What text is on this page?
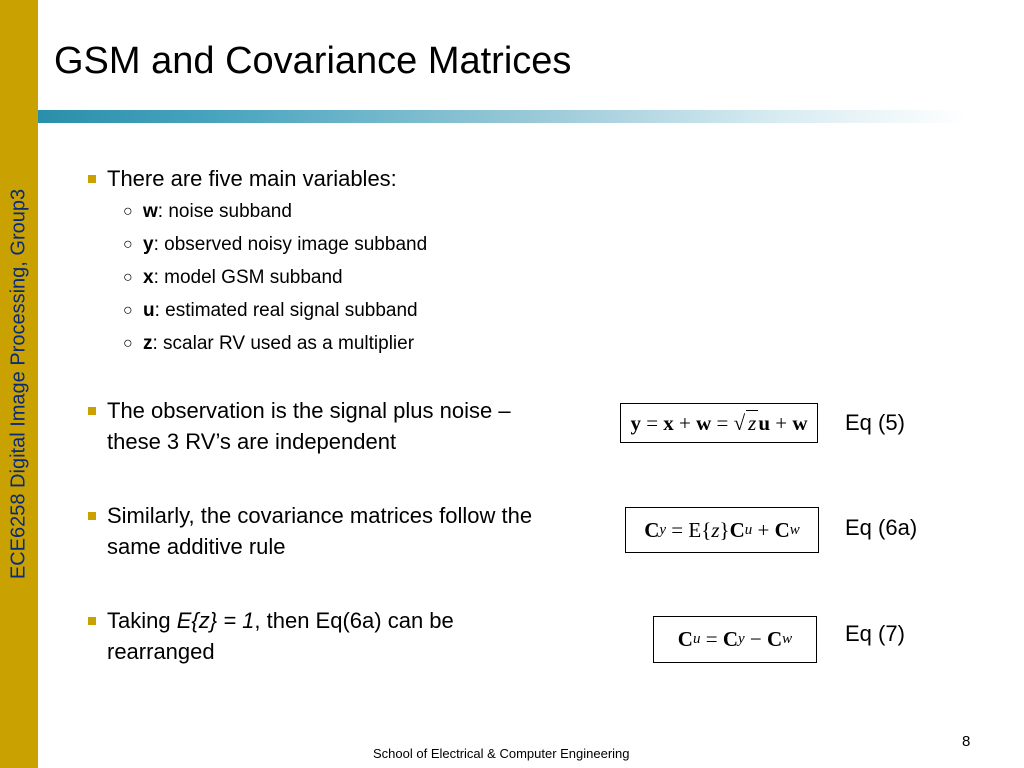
ECE6258 Digital Image Processing, Group3
GSM and Covariance Matrices
There are five main variables:
○ w: noise subband
○ y: observed noisy image subband
○ x: model GSM subband
○ u: estimated real signal subband
○ z: scalar RV used as a multiplier
The observation is the signal plus noise –
these 3 RV’s are independent
y = x + w = √ z u + w Eq (5)
Similarly, the covariance matrices follow the
same additive rule
C y = E{ z } C u + C w Eq (6a)
Taking E{z} = 1, then Eq(6a) can be
rearranged	C u = C y − C w Eq (7)
8
School of Electrical & Computer Engineering
